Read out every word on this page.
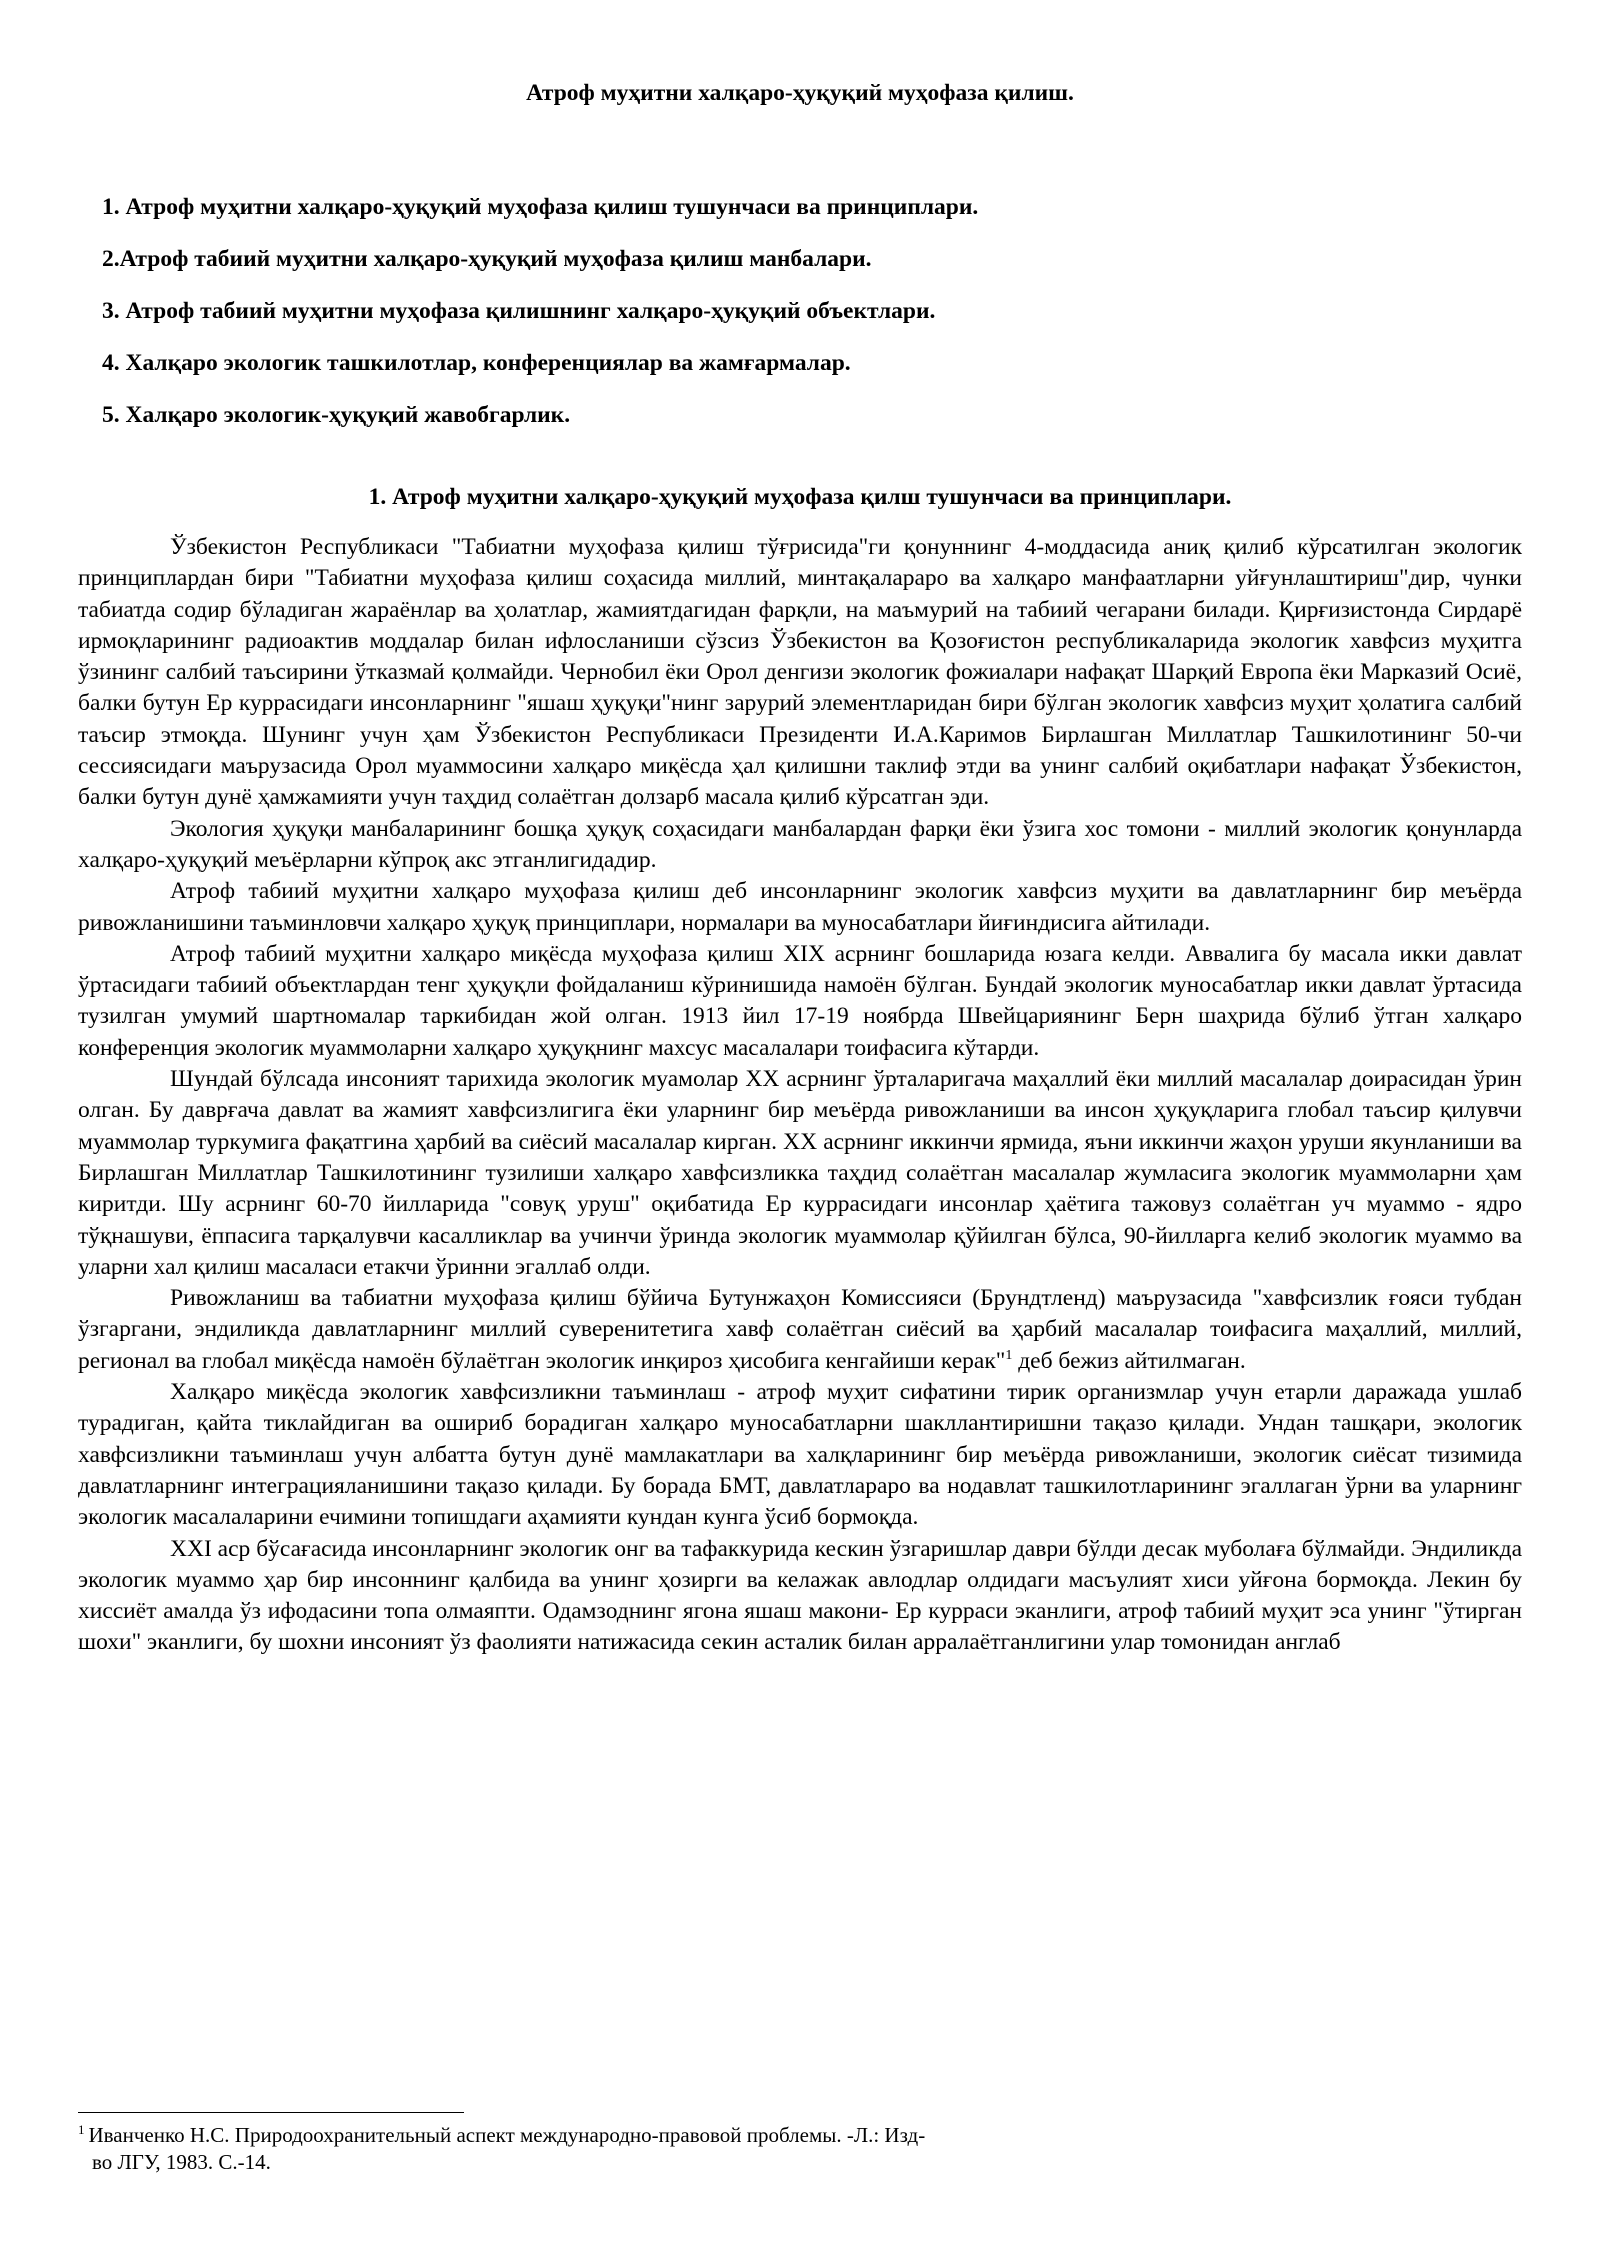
Атроф муҳитни халқаро-ҳуқуқий муҳофаза қилиш.
1. Атроф муҳитни халқаро-ҳуқуқий муҳофаза қилиш тушунчаси ва принциплари.
2.Атроф табиий муҳитни халқаро-ҳуқуқий муҳофаза қилиш манбалари.
3. Атроф табиий муҳитни муҳофаза қилишнинг халқаро-ҳуқуқий объектлари.
4. Халқаро экологик ташкилотлар, конференциялар ва жамғармалар.
5. Халқаро экологик-ҳуқуқий жавобгарлик.
1. Атроф муҳитни халқаро-ҳуқуқий муҳофаза қилш тушунчаси ва принциплари.

Ўзбекистон Республикаси "Табиатни муҳофаза қилиш тўғрисида"ги қонуннинг 4-моддасида аниқ қилиб кўрсатилган экологик принциплардан бири "Табиатни муҳофаза қилиш соҳасида миллий, минтақалараро ва халқаро манфаатларни уйғунлаштириш"дир, чунки табиатда содир бўладиган жараёнлар ва ҳолатлар, жамиятдагидан фарқли, на маъмурий на табиий чегарани билади. Қирғизистонда Сирдарё ирмоқларининг радиоактив моддалар билан ифлосланиши сўзсиз Ўзбекистон ва Қозоғистон республикаларида экологик хавфсиз муҳитга ўзининг салбий таъсирини ўтказмай қолмайди. Чернобил ёки Орол денгизи экологик фожиалари нафақат Шарқий Европа ёки Марказий Осиё, балки бутун Ер куррасидаги инсонларнинг "яшаш ҳуқуқи"нинг зарурий элементларидан бири бўлган экологик хавфсиз муҳит ҳолатига салбий таъсир этмоқда. Шунинг учун ҳам Ўзбекистон Республикаси Президенти И.А.Каримов Бирлашган Миллатлар Ташкилотининг 50-чи сессиясидаги маърузасида Орол муаммосини халқаро миқёсда ҳал қилишни таклиф этди ва унинг салбий оқибатлари нафақат Ўзбекистон, балки бутун дунё ҳамжамияти учун таҳдид солаётган долзарб масала қилиб кўрсатган эди.

Экология ҳуқуқи манбаларининг бошқа ҳуқуқ соҳасидаги манбалардан фарқи ёки ўзига хос томони - миллий экологик қонунларда халқаро-ҳуқуқий меъёрларни кўпроқ акс этганлигидадир.

Атроф табиий муҳитни халқаро муҳофаза қилиш деб инсонларнинг экологик хавфсиз муҳити ва давлатларнинг бир меъёрда ривожланишини таъминловчи халқаро ҳуқуқ принциплари, нормалари ва муносабатлари йиғиндисига айтилади.

Атроф табиий муҳитни халқаро миқёсда муҳофаза қилиш XIX асрнинг бошларида юзага келди. Аввалига бу масала икки давлат ўртасидаги табиий объектлардан тенг ҳуқуқли фойдаланиш кўринишида намоён бўлган. Бундай экологик муносабатлар икки давлат ўртасида тузилган умумий шартномалар таркибидан жой олган. 1913 йил 17-19 ноябрда Швейцариянинг Берн шаҳрида бўлиб ўтган халқаро конференция экологик муаммоларни халқаро ҳуқуқнинг махсус масалалари тоифасига кўтарди.

Шундай бўлсада инсоният тарихида экологик муамолар XX асрнинг ўрталаригача маҳаллий ёки миллий масалалар доирасидан ўрин олган. Бу даврғача давлат ва жамият хавфсизлигига ёки уларнинг бир меъёрда ривожланиши ва инсон ҳуқуқларига глобал таъсир қилувчи муаммолар туркумига фақатгина ҳарбий ва сиёсий масалалар кирган. XX асрнинг иккинчи ярмида, яъни иккинчи жаҳон уруши якунланиши ва Бирлашган Миллатлар Ташкилотининг тузилиши халқаро хавфсизликка таҳдид солаётган масалалар жумласига экологик муаммоларни ҳам киритди. Шу асрнинг 60-70 йилларида "совуқ уруш" оқибатида Ер куррасидаги инсонлар ҳаётига тажовуз солаётган уч муаммо - ядро тўқнашуви, ёппасига тарқалувчи касалликлар ва учинчи ўринда экологик муаммолар қўйилган бўлса, 90-йилларга келиб экологик муаммо ва уларни хал қилиш масаласи етакчи ўринни эгаллаб олди.

Ривожланиш ва табиатни муҳофаза қилиш бўйича Бутунжаҳон Комиссияси (Брундтленд) маърузасида "хавфсизлик ғояси тубдан ўзгаргани, эндиликда давлатларнинг миллий суверенитетига хавф солаётган сиёсий ва ҳарбий масалалар тоифасига маҳаллий, миллий, регионал ва глобал миқёсда намоён бўлаётган экологик инқироз ҳисобига кенгайиши керак"$^1$ деб бежиз айтилмаган.

Халқаро миқёсда экологик хавфсизликни таъминлаш - атроф муҳит сифатини тирик организмлар учун етарли даражада ушлаб турадиган, қайта тиклайдиган ва ошириб борадиган халқаро муносабатларни шакллантиришни тақазо қилади. Ундан ташқари, экологик хавфсизликни таъминлаш учун албатта бутун дунё мамлакатлари ва халқларининг бир меъёрда ривожланиши, экологик сиёсат тизимида давлатларнинг интеграцияланишини тақазо қилади. Бу борада БМТ, давлатлараро ва нодавлат ташкилотларининг эгаллаган ўрни ва уларнинг экологик масалаларини ечимини топишдаги аҳамияти кундан кунга ўсиб бормоқда.

XXI аср бўсағасида инсонларнинг экологик онг ва тафаккурида кескин ўзгаришлар даври бўлди десак муболаға бўлмайди. Эндиликда экологик муаммо ҳар бир инсоннинг қалбида ва унинг ҳозирги ва келажак авлодлар олдидаги масъулият хиси уйғона бормоқда. Лекин бу хиссиёт амалда ўз ифодасини топа олмаяпти. Одамзоднинг ягона яшаш макони- Ер курраси эканлиги, атроф табиий муҳит эса унинг "ўтирган шохи" эканлиги, бу шохни инсоният ўз фаолияти натижасида секин асталик билан арралаётганлигини улар томонидан англаб

$^1$ Иванченко Н.С. Природоохранительный аспект международно-правовой проблемы. -Л.: Изд-
во ЛГУ, 1983. С.-14.
